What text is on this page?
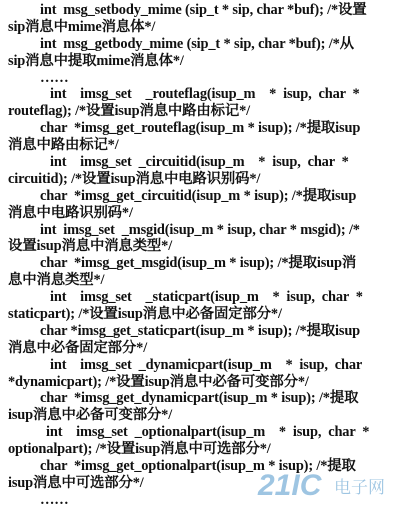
int  msg_setbody_mime (sip_t * sip, char *buf); /*设置
sip消息中mime消息体*/
int  msg_getbody_mime (sip_t * sip, char *buf); /*从
sip消息中提取mime消息体*/
……
int    imsg_set    _routeflag(isup_m    *  isup,  char  *
routeflag); /*设置isup消息中路由标记*/
char  *imsg_get_routeflag(isup_m * isup); /*提取isup
消息中路由标记*/
int    imsg_set  _circuitid(isup_m    *  isup,  char  *
circuitid); /*设置isup消息中电路识别码*/
char  *imsg_get_circuitid(isup_m * isup); /*提取isup
消息中电路识别码*/
int  imsg_set  _msgid(isup_m * isup, char * msgid); /*
设置isup消息中消息类型*/
char  *imsg_get_msgid(isup_m * isup); /*提取isup消
息中消息类型*/
int    imsg_set    _staticpart(isup_m    *  isup,  char  *
staticpart); /*设置isup消息中必备固定部分*/
char *imsg_get_staticpart(isup_m * isup); /*提取isup
消息中必备固定部分*/
int    imsg_set  _dynamicpart(isup_m    *  isup,  char
*dynamicpart); /*设置isup消息中必备可变部分*/
char  *imsg_get_dynamicpart(isup_m * isup); /*提取
isup消息中必备可变部分*/
int    imsg_set  _optionalpart(isup_m    *  isup,  char  *
optionalpart); /*设置isup消息中可选部分*/
char  *imsg_get_optionalpart(isup_m * isup); /*提取
isup消息中可选部分*/
……	21IC 电子网
